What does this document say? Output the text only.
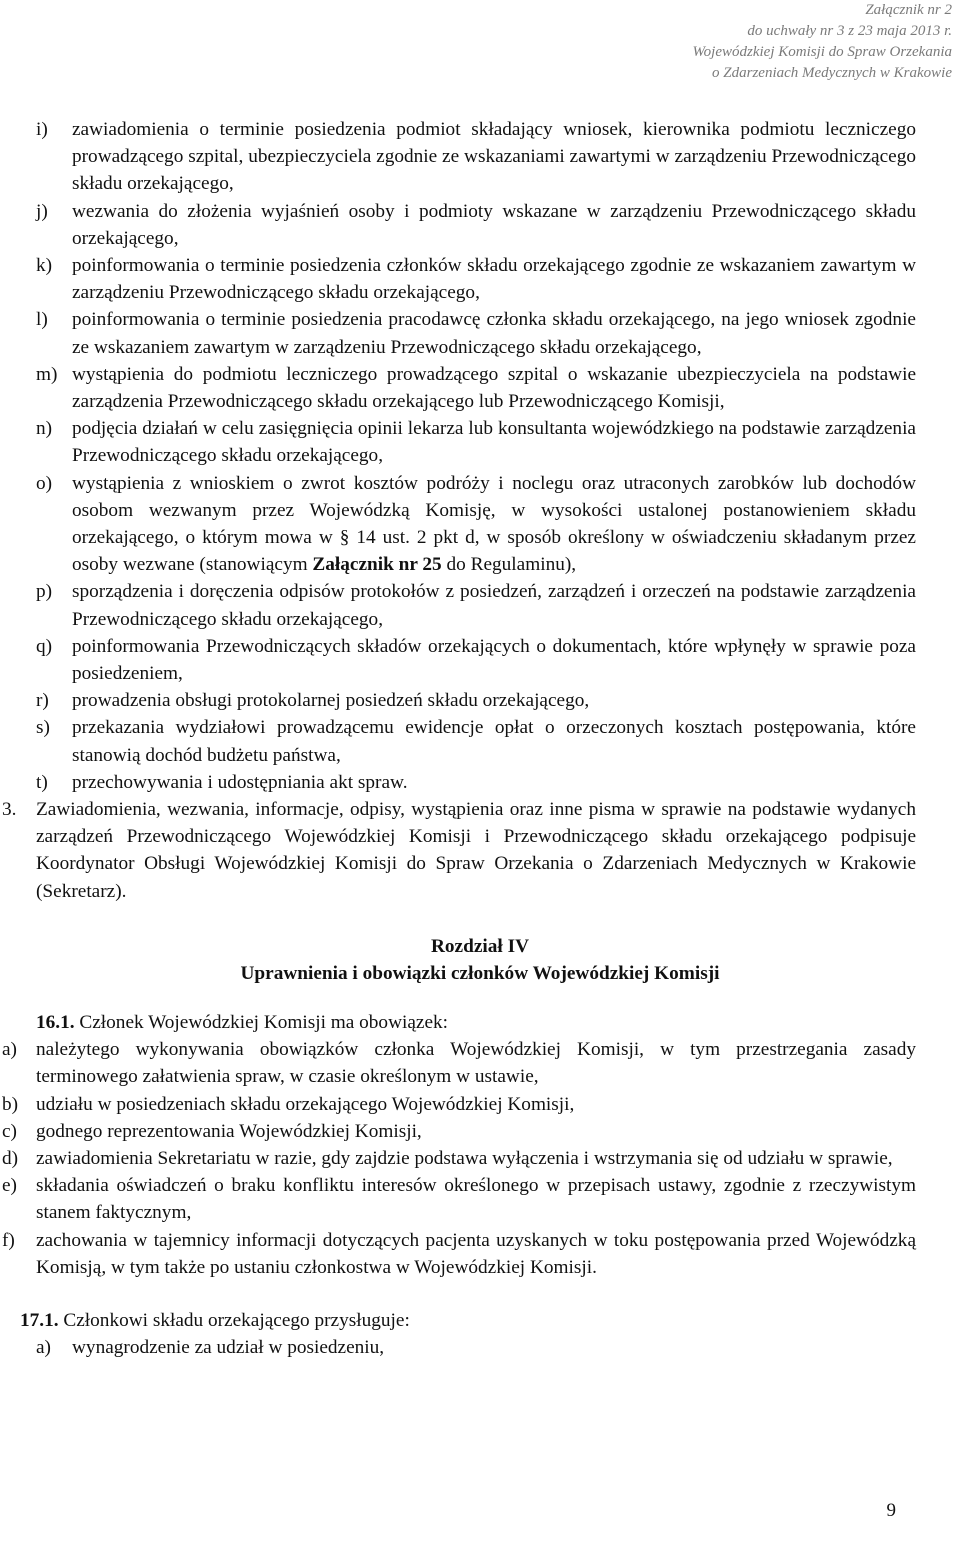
Załącznik nr 2
do uchwały nr 3 z 23 maja 2013 r.
Wojewódzkiej Komisji do Spraw Orzekania
o Zdarzeniach Medycznych w Krakowie
i) zawiadomienia o terminie posiedzenia podmiot składający wniosek, kierownika podmiotu leczniczego prowadzącego szpital, ubezpieczyciela zgodnie ze wskazaniami zawartymi w zarządzeniu Przewodniczącego składu orzekającego,
j) wezwania do złożenia wyjaśnień osoby i podmioty wskazane w zarządzeniu Przewodniczącego składu orzekającego,
k) poinformowania o terminie posiedzenia członków składu orzekającego zgodnie ze wskazaniem zawartym w zarządzeniu Przewodniczącego składu orzekającego,
l) poinformowania o terminie posiedzenia pracodawcę członka składu orzekającego, na jego wniosek zgodnie ze wskazaniem zawartym w zarządzeniu Przewodniczącego składu orzekającego,
m) wystąpienia do podmiotu leczniczego prowadzącego szpital o wskazanie ubezpieczyciela na podstawie zarządzenia Przewodniczącego składu orzekającego lub Przewodniczącego Komisji,
n) podjęcia działań w celu zasięgnięcia opinii lekarza lub konsultanta wojewódzkiego na podstawie zarządzenia Przewodniczącego składu orzekającego,
o) wystąpienia z wnioskiem o zwrot kosztów podróży i noclegu oraz utraconych zarobków lub dochodów osobom wezwanym przez Wojewódzką Komisję, w wysokości ustalonej postanowieniem składu orzekającego, o którym mowa w § 14 ust. 2 pkt d, w sposób określony w oświadczeniu składanym przez osoby wezwane (stanowiącym Załącznik nr 25 do Regulaminu),
p) sporządzenia i doręczenia odpisów protokołów z posiedzeń, zarządzeń i orzeczeń na podstawie zarządzenia Przewodniczącego składu orzekającego,
q) poinformowania Przewodniczących składów orzekających o dokumentach, które wpłynęły w sprawie poza posiedzeniem,
r) prowadzenia obsługi protokolarnej posiedzeń składu orzekającego,
s) przekazania wydziałowi prowadzącemu ewidencje opłat o orzeczonych kosztach postępowania, które stanowią dochód budżetu państwa,
t) przechowywania i udostępniania akt spraw.
3. Zawiadomienia, wezwania, informacje, odpisy, wystąpienia oraz inne pisma w sprawie na podstawie wydanych zarządzeń Przewodniczącego Wojewódzkiej Komisji i Przewodniczącego składu orzekającego podpisuje Koordynator Obsługi Wojewódzkiej Komisji do Spraw Orzekania o Zdarzeniach Medycznych w Krakowie (Sekretarz).
Rozdział IV
Uprawnienia i obowiązki członków Wojewódzkiej Komisji
16.1. Członek Wojewódzkiej Komisji ma obowiązek:
a) należytego wykonywania obowiązków członka Wojewódzkiej Komisji, w tym przestrzegania zasady terminowego załatwienia spraw, w czasie określonym w ustawie,
b) udziału w posiedzeniach składu orzekającego Wojewódzkiej Komisji,
c) godnego reprezentowania Wojewódzkiej Komisji,
d) zawiadomienia Sekretariatu w razie, gdy zajdzie podstawa wyłączenia i wstrzymania się od udziału w sprawie,
e) składania oświadczeń o braku konfliktu interesów określonego w przepisach ustawy, zgodnie z rzeczywistym stanem faktycznym,
f) zachowania w tajemnicy informacji dotyczących pacjenta uzyskanych w toku postępowania przed Wojewódzką Komisją, w tym także po ustaniu członkostwa w Wojewódzkiej Komisji.
17.1. Członkowi składu orzekającego przysługuje:
a) wynagrodzenie za udział w posiedzeniu,
9
